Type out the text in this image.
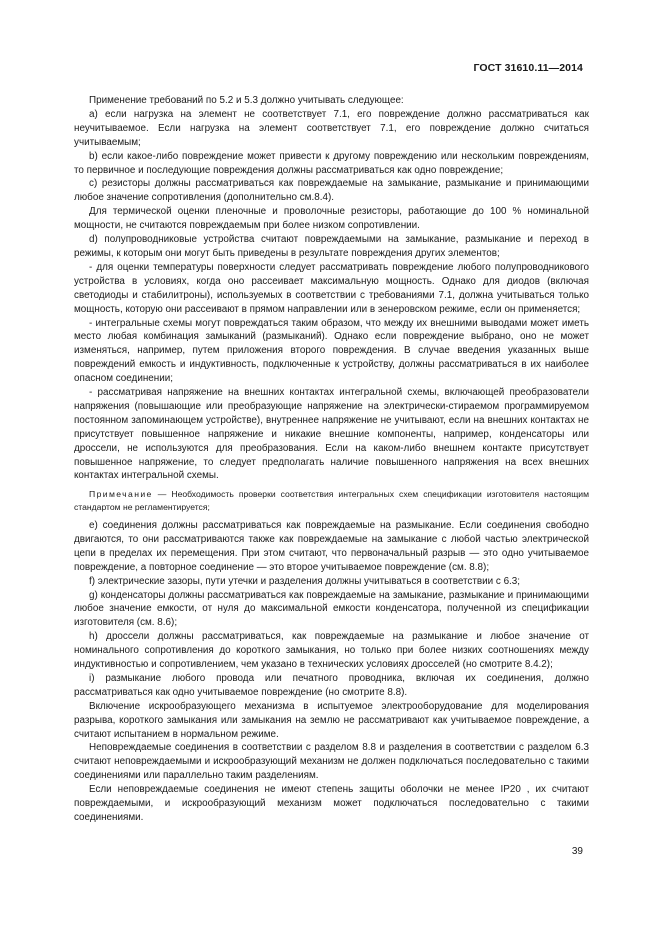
ГОСТ 31610.11—2014

Применение требований по 5.2 и 5.3 должно учитывать следующее:

а) если нагрузка на элемент не соответствует 7.1, его повреждение должно рассматриваться как неучитываемое. Если нагрузка на элемент соответствует 7.1, его повреждение должно считаться учитываемым;

b) если какое-либо повреждение может привести к другому повреждению или нескольким повреждениям, то первичное и последующие повреждения должны рассматриваться как одно повреждение;

с) резисторы должны рассматриваться как повреждаемые на замыкание, размыкание и принимающими любое значение сопротивления (дополнительно см.8.4).

Для термической оценки пленочные и проволочные резисторы, работающие до 100 % номинальной мощности, не считаются повреждаемым при более низком сопротивлении.

d) полупроводниковые устройства считают повреждаемыми на замыкание, размыкание и переход в режимы, к которым они могут быть приведены в результате повреждения других элементов;

- для оценки температуры поверхности следует рассматривать повреждение любого полупроводникового устройства в условиях, когда оно рассеивает максимальную мощность. Однако для диодов (включая светодиоды и стабилитроны), используемых в соответствии с требованиями 7.1, должна учитываться только мощность, которую они рассеивают в прямом направлении или в зенеровском режиме, если он применяется;

- интегральные схемы могут повреждаться таким образом, что между их внешними выводами может иметь место любая комбинация замыканий (размыканий). Однако если повреждение выбрано, оно не может изменяться, например, путем приложения второго повреждения. В случае введения указанных выше повреждений емкость и индуктивность, подключенные к устройству, должны рассматриваться в их наиболее опасном соединении;

- рассматривая напряжение на внешних контактах интегральной схемы, включающей преобразователи напряжения (повышающие или преобразующие напряжение на электрически-стираемом программируемом постоянном запоминающем устройстве), внутреннее напряжение не учитывают, если на внешних контактах не присутствует повышенное напряжение и никакие внешние компоненты, например, конденсаторы или дроссели, не используются для преобразования. Если на каком-либо внешнем контакте присутствует повышенное напряжение, то следует предполагать наличие повышенного напряжения на всех внешних контактах интегральной схемы.

Примечание — Необходимость проверки соответствия интегральных схем спецификации изготовителя настоящим стандартом не регламентируется;

е) соединения должны рассматриваться как повреждаемые на размыкание. Если соединения свободно двигаются, то они рассматриваются также как повреждаемые на замыкание с любой частью электрической цепи в пределах их перемещения. При этом считают, что первоначальный разрыв — это одно учитываемое повреждение, а повторное соединение — это второе учитываемое повреждение (см. 8.8);

f) электрические зазоры, пути утечки и разделения должны учитываться в соответствии с 6.3;

g) конденсаторы должны рассматриваться как повреждаемые на замыкание, размыкание и принимающими любое значение емкости, от нуля до максимальной емкости конденсатора, полученной из спецификации изготовителя (см. 8.6);

h) дроссели должны рассматриваться, как повреждаемые на размыкание и любое значение от номинального сопротивления до короткого замыкания, но только при более низких соотношениях между индуктивностью и сопротивлением, чем указано в технических условиях дросселей (но смотрите 8.4.2);

i) размыкание любого провода или печатного проводника, включая их соединения, должно рассматриваться как одно учитываемое повреждение (но смотрите 8.8).

Включение искрообразующего механизма в испытуемое электрооборудование для моделирования разрыва, короткого замыкания или замыкания на землю не рассматривают как учитываемое повреждение, а считают испытанием в нормальном режиме.

Неповреждаемые соединения в соответствии с разделом 8.8 и разделения в соответствии с разделом 6.3 считают неповреждаемыми и искрообразующий механизм не должен подключаться последовательно с такими соединениями или параллельно таким разделениям.

Если неповреждаемые соединения не имеют степень защиты оболочки не менее IP20 , их считают повреждаемыми, и искрообразующий механизм может подключаться последовательно с такими соединениями.

39
